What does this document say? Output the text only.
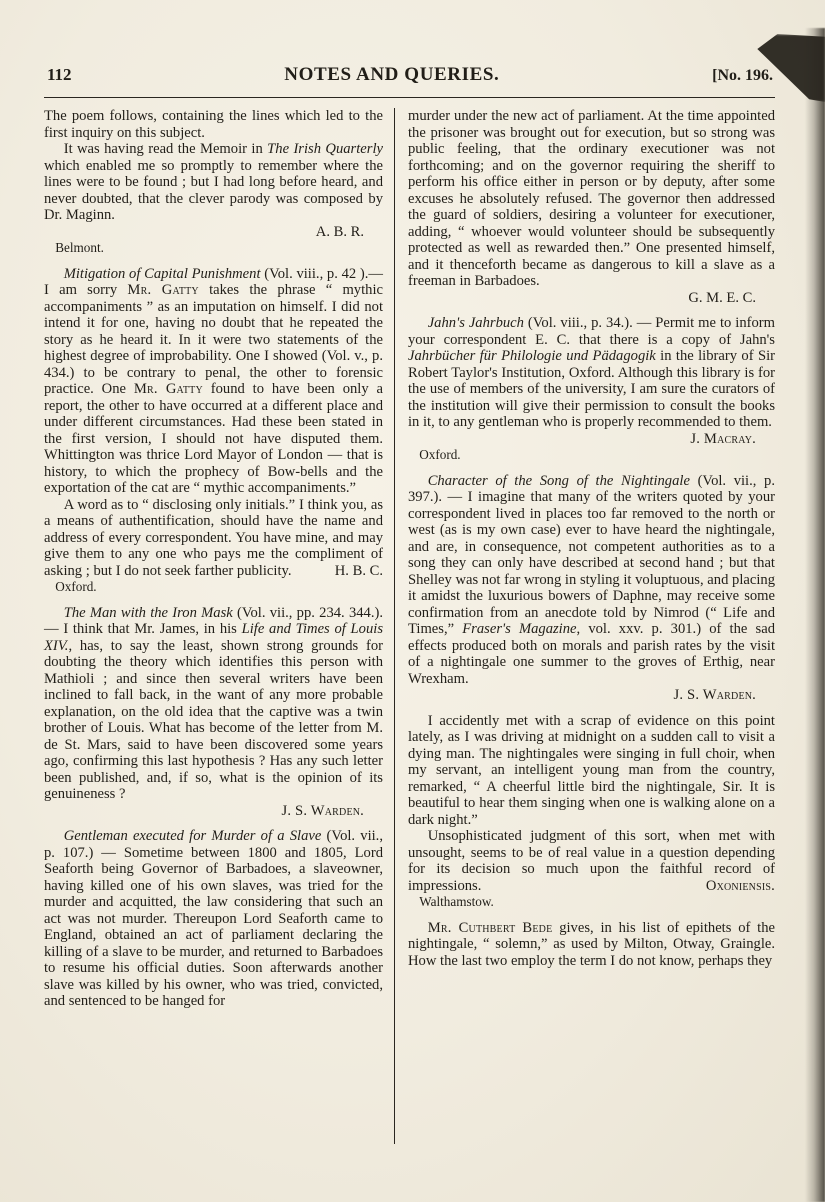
112	NOTES AND QUERIES.	[No. 196.
The poem follows, containing the lines which led to the first inquiry on this subject.
It was having read the Memoir in The Irish Quarterly which enabled me so promptly to remember where the lines were to be found ; but I had long before heard, and never doubted, that the clever parody was composed by Dr. Maginn.
A. B. R.
Belmont.
Mitigation of Capital Punishment (Vol. viii., p. 42 ).—I am sorry Mr. Gatty takes the phrase “ mythic accompaniments ” as an imputation on himself. I did not intend it for one, having no doubt that he repeated the story as he heard it. In it were two statements of the highest degree of improbability. One I showed (Vol. v., p. 434.) to be contrary to penal, the other to forensic practice. One Mr. Gatty found to have been only a report, the other to have occurred at a different place and under different circumstances. Had these been stated in the first version, I should not have disputed them. Whittington was thrice Lord Mayor of London — that is history, to which the prophecy of Bow-bells and the exportation of the cat are “ mythic accompaniments.”
A word as to “ disclosing only initials.” I think you, as a means of authentification, should have the name and address of every correspondent. You have mine, and may give them to any one who pays me the compliment of asking ; but I do not seek farther publicity.	H. B. C.
Oxford.
The Man with the Iron Mask (Vol. vii., pp. 234. 344.). — I think that Mr. James, in his Life and Times of Louis XIV., has, to say the least, shown strong grounds for doubting the theory which identifies this person with Mathioli ; and since then several writers have been inclined to fall back, in the want of any more probable explanation, on the old idea that the captive was a twin brother of Louis. What has become of the letter from M. de St. Mars, said to have been discovered some years ago, confirming this last hypothesis ? Has any such letter been published, and, if so, what is the opinion of its genuineness ?
J. S. Warden.
Gentleman executed for Murder of a Slave (Vol. vii., p. 107.) — Sometime between 1800 and 1805, Lord Seaforth being Governor of Barbadoes, a slaveowner, having killed one of his own slaves, was tried for the murder and acquitted, the law considering that such an act was not murder. Thereupon Lord Seaforth came to England, obtained an act of parliament declaring the killing of a slave to be murder, and returned to Barbadoes to resume his official duties. Soon afterwards another slave was killed by his owner, who was tried, convicted, and sentenced to be hanged for
murder under the new act of parliament. At the time appointed the prisoner was brought out for execution, but so strong was public feeling, that the ordinary executioner was not forthcoming; and on the governor requiring the sheriff to perform his office either in person or by deputy, after some excuses he absolutely refused. The governor then addressed the guard of soldiers, desiring a volunteer for executioner, adding, “ whoever would volunteer should be subsequently protected as well as rewarded then.” One presented himself, and it thenceforth became as dangerous to kill a slave as a freeman in Barbadoes.
G. M. E. C.
Jahn's Jahrbuch (Vol. viii., p. 34.). — Permit me to inform your correspondent E. C. that there is a copy of Jahn's Jahrbücher für Philologie und Pädagogik in the library of Sir Robert Taylor's Institution, Oxford. Although this library is for the use of members of the university, I am sure the curators of the institution will give their permission to consult the books in it, to any gentleman who is properly recommended to them.
J. Macray.
Oxford.
Character of the Song of the Nightingale (Vol. vii., p. 397.). — I imagine that many of the writers quoted by your correspondent lived in places too far removed to the north or west (as is my own case) ever to have heard the nightingale, and are, in consequence, not competent authorities as to a song they can only have described at second hand ; but that Shelley was not far wrong in styling it voluptuous, and placing it amidst the luxurious bowers of Daphne, may receive some confirmation from an anecdote told by Nimrod (“ Life and Times,” Fraser's Magazine, vol. xxv. p. 301.) of the sad effects produced both on morals and parish rates by the visit of a nightingale one summer to the groves of Erthig, near Wrexham.
J. S. Warden.
I accidently met with a scrap of evidence on this point lately, as I was driving at midnight on a sudden call to visit a dying man. The nightingales were singing in full choir, when my servant, an intelligent young man from the country, remarked, “ A cheerful little bird the nightingale, Sir. It is beautiful to hear them singing when one is walking alone on a dark night.”
Unsophisticated judgment of this sort, when met with unsought, seems to be of real value in a question depending for its decision so much upon the faithful record of impressions.	Oxoniensis.
Walthamstow.
Mr. Cuthbert Bede gives, in his list of epithets of the nightingale, “ solemn,” as used by Milton, Otway, Graingle. How the last two employ the term I do not know, perhaps they
